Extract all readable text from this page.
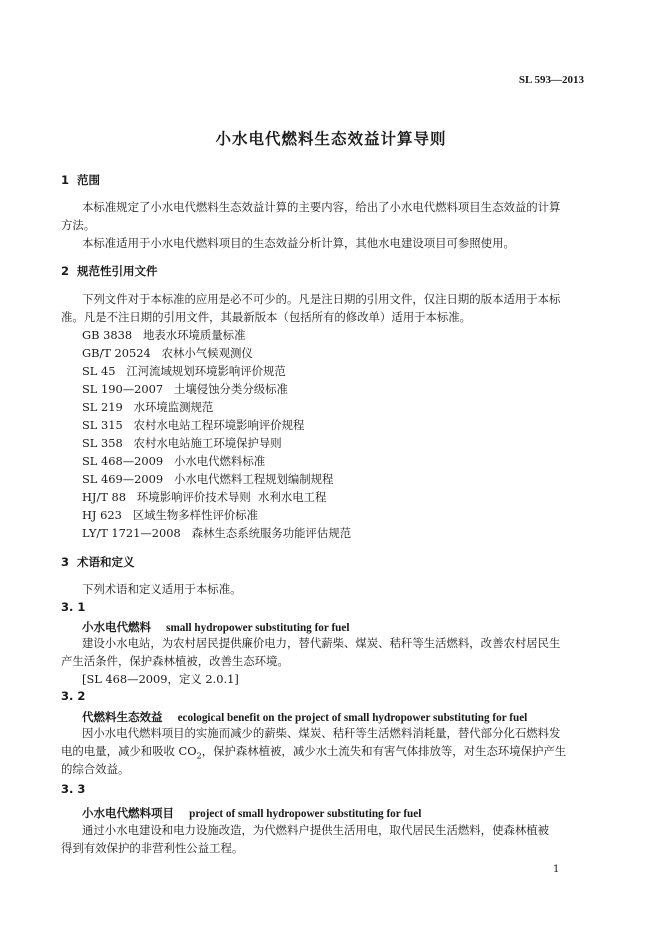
SL 593—2013
小水电代燃料生态效益计算导则
1  范围
本标准规定了小水电代燃料生态效益计算的主要内容，给出了小水电代燃料项目生态效益的计算
方法。
本标准适用于小水电代燃料项目的生态效益分析计算，其他水电建设项目可参照使用。
2  规范性引用文件
下列文件对于本标准的应用是必不可少的。凡是注日期的引用文件，仅注日期的版本适用于本标
准。凡是不注日期的引用文件，其最新版本（包括所有的修改单）适用于本标准。
GB 3838   地表水环境质量标准
GB/T 20524   农林小气候观测仪
SL 45   江河流域规划环境影响评价规范
SL 190—2007   土壤侵蚀分类分级标准
SL 219   水环境监测规范
SL 315   农村水电站工程环境影响评价规程
SL 358   农村水电站施工环境保护导则
SL 468—2009   小水电代燃料标准
SL 469—2009   小水电代燃料工程规划编制规程
HJ/T 88   环境影响评价技术导则  水利水电工程
HJ 623   区域生物多样性评价标准
LY/T 1721—2008   森林生态系统服务功能评估规范
3  术语和定义
下列术语和定义适用于本标准。
3. 1
小水电代燃料 small hydropower substituting for fuel
建设小水电站，为农村居民提供廉价电力，替代薪柴、煤炭、秸秆等生活燃料，改善农村居民生
产生活条件，保护森林植被，改善生态环境。
[SL 468—2009，定义 2.0.1]
3. 2
代燃料生态效益 ecological benefit on the project of small hydropower substituting for fuel
因小水电代燃料项目的实施而减少的薪柴、煤炭、秸秆等生活燃料消耗量，替代部分化石燃料发
电的电量，减少和吸收 $CO_2$，保护森林植被，减少水土流失和有害气体排放等，对生态环境保护产生
的综合效益。
3. 3
小水电代燃料项目 project of small hydropower substituting for fuel
通过小水电建设和电力设施改造，为代燃料户提供生活用电，取代居民生活燃料，使森林植被
得到有效保护的非营利性公益工程。
1
